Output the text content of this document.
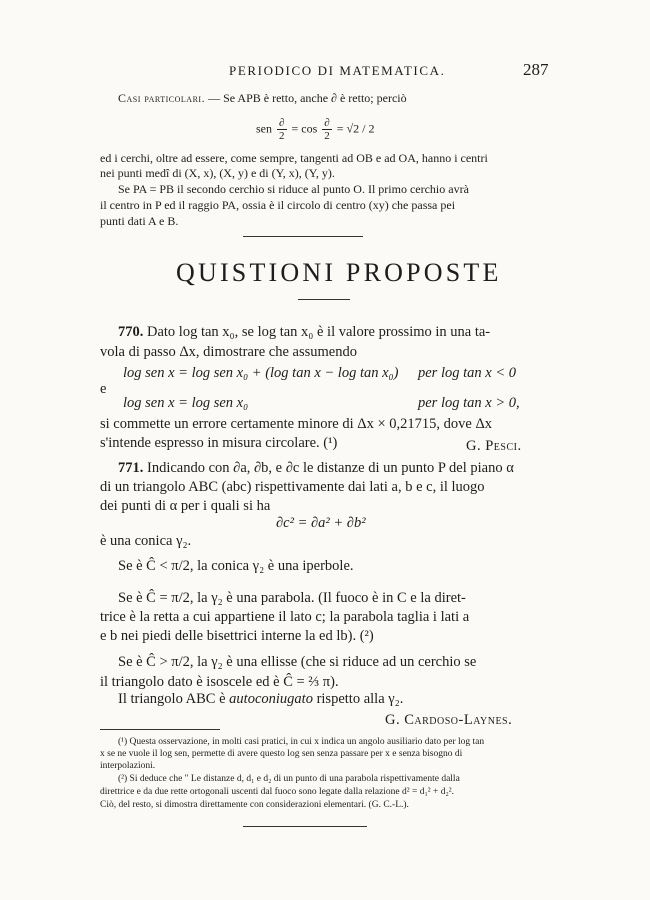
PERIODICO DI MATEMATICA.	287
Casi particolari. — Se APB è retto, anche ∂ è retto; perciò
sen $\frac{\partial}{2} = \cos \frac{\partial}{2} = √2 / 2$
ed i cerchi, oltre ad essere, come sempre, tangenti ad OB e ad OA, hanno i centri
nei punti medî di (X, x), (X, y) e di (Y, x), (Y, y).
Se PA = PB il secondo cerchio si riduce al punto O. Il primo cerchio avrà
il centro in P ed il raggio PA, ossia è il circolo di centro (xy) che passa pei
punti dati A e B.
QUISTIONI PROPOSTE
770. Dato log tan x₀, se log tan x₀ è il valore prossimo in una ta-
vola di passo Δx, dimostrare che assumendo
log sen x = log sen x₀ + (log tan x − log tan x₀) per log tan x < 0
e
log sen x = log sen x₀	per log tan x > 0,
si commette un errore certamente minore di Δx × 0,21715, dove Δx
s'intende espresso in misura circolare. (¹)	G. Pesci.
771. Indicando con ∂a, ∂b, e ∂c le distanze di un punto P del piano α
di un triangolo ABC (abc) rispettivamente dai lati a, b e c, il luogo
dei punti di α per i quali si ha
∂c² = ∂a² + ∂b²
è una conica γ₂.
Se è Ĉ < π/2, la conica γ₂ è una iperbole.
Se è Ĉ = π/2, la γ₂ è una parabola. (Il fuoco è in C e la diret-
trice è la retta a cui appartiene il lato c; la parabola taglia i lati a
e b nei piedi delle bisettrici interne la ed lb). (²)
Se è Ĉ > π/2, la γ₂ è una ellisse (che si riduce ad un cerchio se
il triangolo dato è isoscele ed è Ĉ = ⅔ π).
Il triangolo ABC è autoconiugato rispetto alla γ₂.
G. Cardoso-Laynes.
(¹) Questa osservazione, in molti casi pratici, in cui x indica un angolo ausiliario dato per log tan
x se ne vuole il log sen, permette di avere questo log sen senza passare per x e senza bisogno di
interpolazioni.
(²) Si deduce che " Le distanze d, d₁ e d₂ di un punto di una parabola rispettivamente dalla
direttrice e da due rette ortogonali uscenti dal fuoco sono legate dalla relazione d² = d₁² + d₂².
Ciò, del resto, si dimostra direttamente con considerazioni elementari. (G. C.-L.).
